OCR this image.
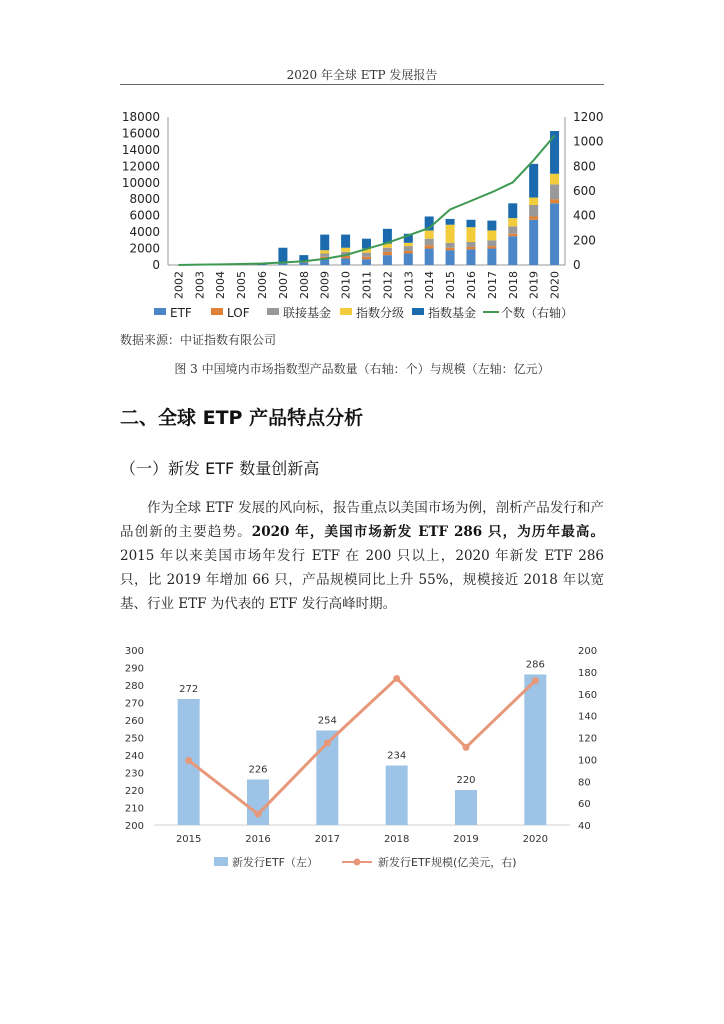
2020 年全球 ETP 发展报告
0
2000
4000
6000
8000
10000
12000
14000
16000
18000
0
200
400
600
800
1000
1200
2002 2003 2004 2005 2006 2007 2008 2009 2010 2011 2012 2013 2014 2015 2016 2017 2018 2019 2020
ETF	LOF	联接基金 指数分级 指数基金 个数（右轴）
数据来源：中证指数有限公司
图 3 中国境内市场指数型产品数量（右轴：个）与规模（左轴：亿元）
二、全球 ETP 产品特点分析
（一）新发 ETF 数量创新高
作为全球 ETF 发展的风向标，报告重点以美国市场为例，剖析产品发行和产品创新的主要趋势。2020 年，美国市场新发 ETF 286 只，为历年最高。2015 年以来美国市场年发行 ETF 在 200 只以上，2020 年新发 ETF 286 只，比 2019 年增加 66 只，产品规模同比上升 55%，规模接近 2018 年以宽基、行业 ETF 为代表的 ETF 发行高峰时期。
200
210
220
230
240
250
260
270
280
290
300
40
60
80
100
120
140
160
180
200
272
2015
226
2016
254
2017
234
2018
220
2019
286
2020
新发行ETF（左）	新发行ETF规模(亿美元，右)
